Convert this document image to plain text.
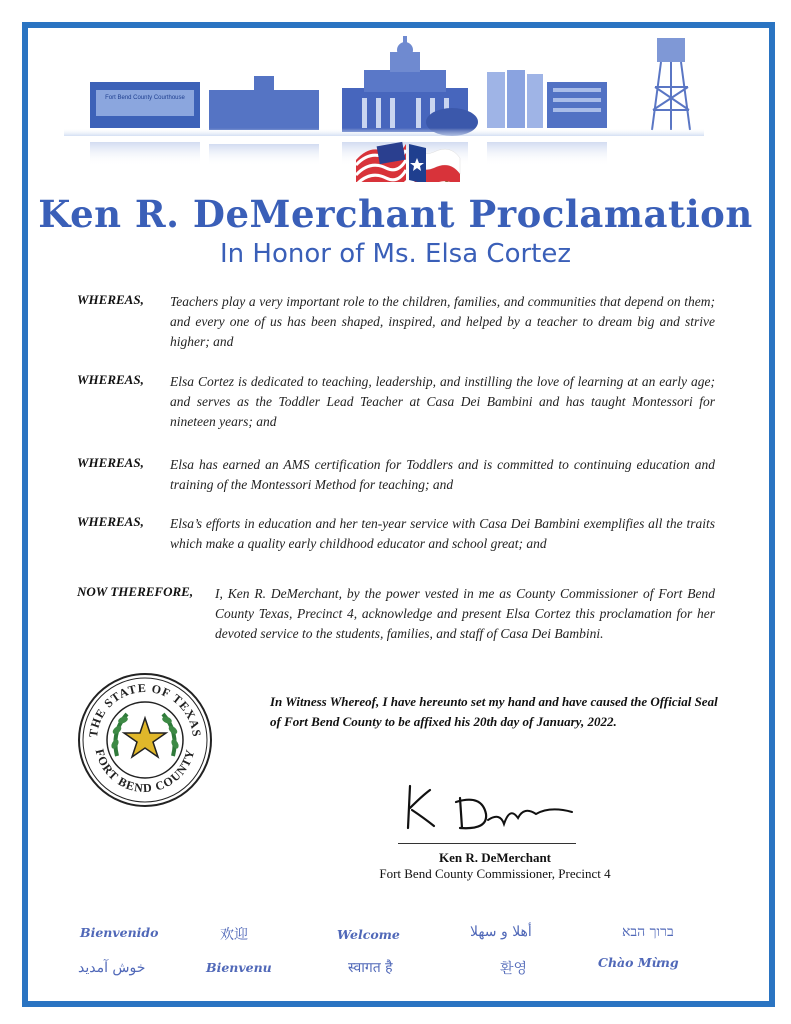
Fort Bend County Courthouse
Ken R. DeMerchant Proclamation
In Honor of Ms. Elsa Cortez
WHEREAS, Teachers play a very important role to the children, families, and communities that depend on them; and every one of us has been shaped, inspired, and helped by a teacher to dream big and strive higher; and
WHEREAS, Elsa Cortez is dedicated to teaching, leadership, and instilling the love of learning at an early age; and serves as the Toddler Lead Teacher at Casa Dei Bambini and has taught Montessori for nineteen years; and
WHEREAS, Elsa has earned an AMS certification for Toddlers and is committed to continuing education and training of the Montessori Method for teaching; and
WHEREAS, Elsa’s efforts in education and her ten-year service with Casa Dei Bambini exemplifies all the traits which make a quality early childhood educator and school great; and
NOW THEREFORE, I, Ken R. DeMerchant, by the power vested in me as County Commissioner of Fort Bend County Texas, Precinct 4, acknowledge and present Elsa Cortez this proclamation for her devoted service to the students, families, and staff of Casa Dei Bambini.
THE STATE OF TEXAS
FORT BEND COUNTY
In Witness Whereof, I have hereunto set my hand and have caused the Official Seal of Fort Bend County to be affixed his 20th day of January, 2022.
Ken R. DeMerchant
Fort Bend County Commissioner, Precinct 4
Bienvenido	欢迎	Welcome	أهلا و سهلا	ברוך הבא
خوش آمدید	Bienvenu	स्वागत है	환영	Chào Mừng
